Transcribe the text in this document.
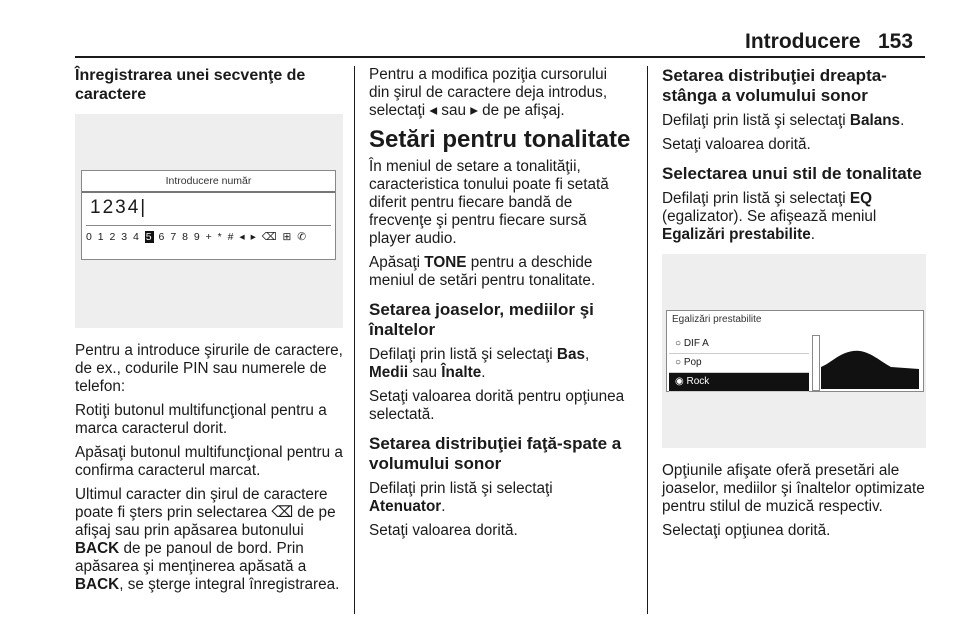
Introducere 153
Înregistrarea unei secvenţe de caractere
Introducere număr
1234|
0 1 2 3 4 5 6 7 8 9 + * # ◂ ▸ ⌫ ⊞ ✆

Pentru a introduce şirurile de caractere, de ex., codurile PIN sau numerele de telefon:

Rotiţi butonul multifuncţional pentru a marca caracterul dorit.

Apăsaţi butonul multifuncţional pentru a confirma caracterul marcat.

Ultimul caracter din şirul de caractere poate fi şters prin selectarea ⌫ de pe afişaj sau prin apăsarea butonului BACK de pe panoul de bord. Prin apăsarea şi menţinerea apăsată a BACK, se şterge integral înregistrarea.

Pentru a modifica poziţia cursorului din şirul de caractere deja introdus, selectaţi ◂ sau ▸ de pe afişaj.

Setări pentru tonalitate

În meniul de setare a tonalităţii, caracteristica tonului poate fi setată diferit pentru fiecare bandă de frecvenţe şi pentru fiecare sursă player audio.

Apăsaţi TONE pentru a deschide meniul de setări pentru tonalitate.

Setarea joaselor, mediilor şi înaltelor

Defilaţi prin listă şi selectaţi Bas, Medii sau Înalte.

Setaţi valoarea dorită pentru opţiunea selectată.

Setarea distribuţiei faţă-spate a volumului sonor

Defilaţi prin listă şi selectaţi Atenuator.

Setaţi valoarea dorită.

Setarea distribuţiei dreapta-stânga a volumului sonor

Defilaţi prin listă şi selectaţi Balans.

Setaţi valoarea dorită.

Selectarea unui stil de tonalitate

Defilaţi prin listă şi selectaţi EQ (egalizator). Se afişează meniul Egalizări prestabilite.

Egalizări prestabilite
○ DIF A
○ Pop
◉ Rock

Opţiunile afişate oferă presetări ale joaselor, mediilor şi înaltelor optimizate pentru stilul de muzică respectiv.

Selectaţi opţiunea dorită.
